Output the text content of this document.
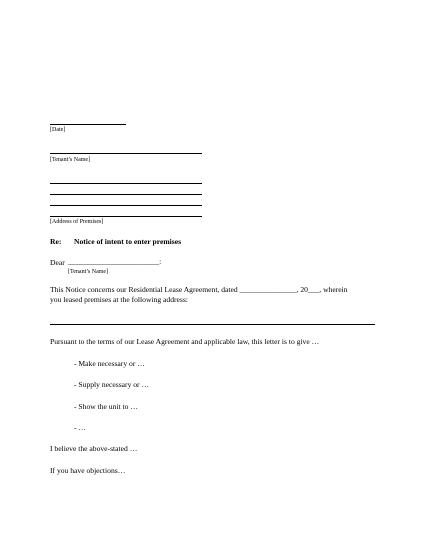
[Date]
[Tenant’s Name]
[Address of Premises]
Re: Notice of intent to enter premises
Dear ________________________:
[Tenant’s Name]
This Notice concerns our Residential Lease Agreement, dated _______________, 20___, wherein
you leased premises at the following address:
Pursuant to the terms of our Lease Agreement and applicable law, this letter is to give …
- Make necessary or …
- Supply necessary or …
- Show the unit to …
- …
I believe the above-stated …
If you have objections…
